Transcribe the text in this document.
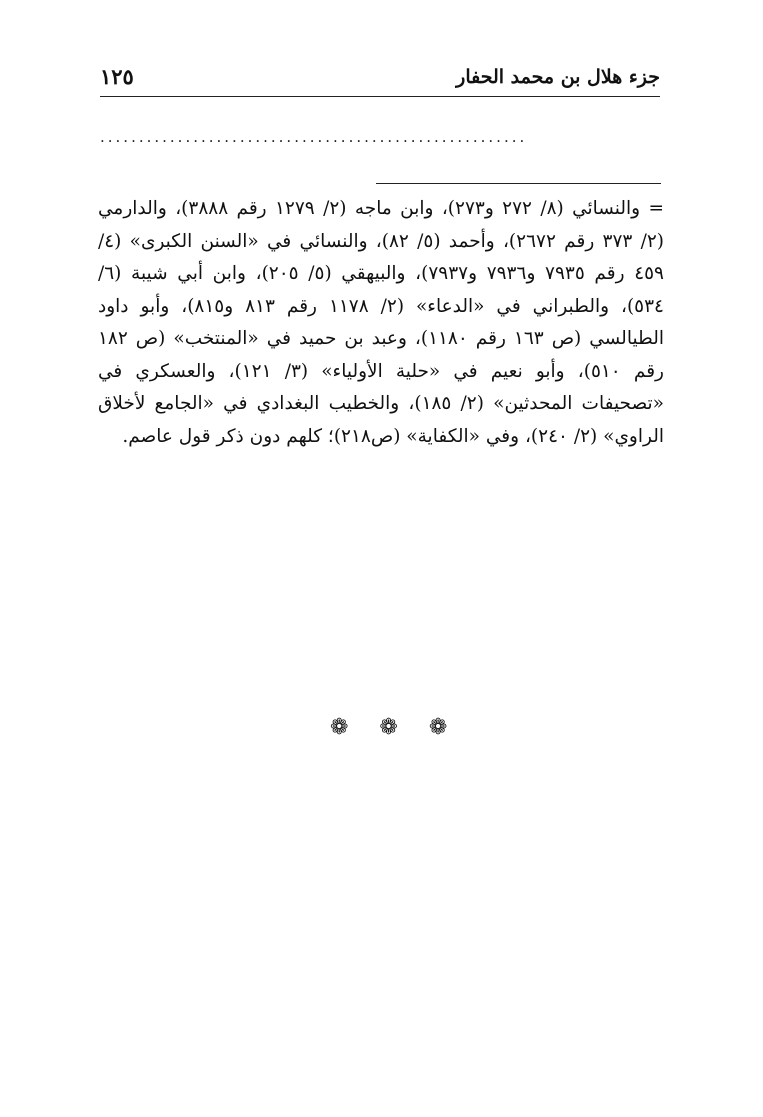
جزء هلال بن محمد الحفار
١٢٥
.......................................................

= والنسائي (٨/ ٢٧٢ و٢٧٣)، وابن ماجه (٢/ ١٢٧٩ رقم ٣٨٨٨)، والدارمي (٢/ ٣٧٣ رقم ٢٦٧٢)، وأحمد (٥/ ٨٢)، والنسائي في «السنن الكبرى» (٤/ ٤٥٩ رقم ٧٩٣٥ و٧٩٣٦ و٧٩٣٧)، والبيهقي (٥/ ٢٠٥)، وابن أبي شيبة (٦/ ٥٣٤)، والطبراني في «الدعاء» (٢/ ١١٧٨ رقم ٨١٣ و٨١٥)، وأبو داود الطيالسي (ص ١٦٣ رقم ١١٨٠)، وعبد بن حميد في «المنتخب» (ص ١٨٢ رقم ٥١٠)، وأبو نعيم في «حلية الأولياء» (٣/ ١٢١)، والعسكري في «تصحيفات المحدثين» (٢/ ١٨٥)، والخطيب البغدادي في «الجامع لأخلاق الراوي» (٢/ ٢٤٠)، وفي «الكفاية» (ص٢١٨)؛ كلهم دون ذكر قول عاصم.

❁ ❁ ❁
